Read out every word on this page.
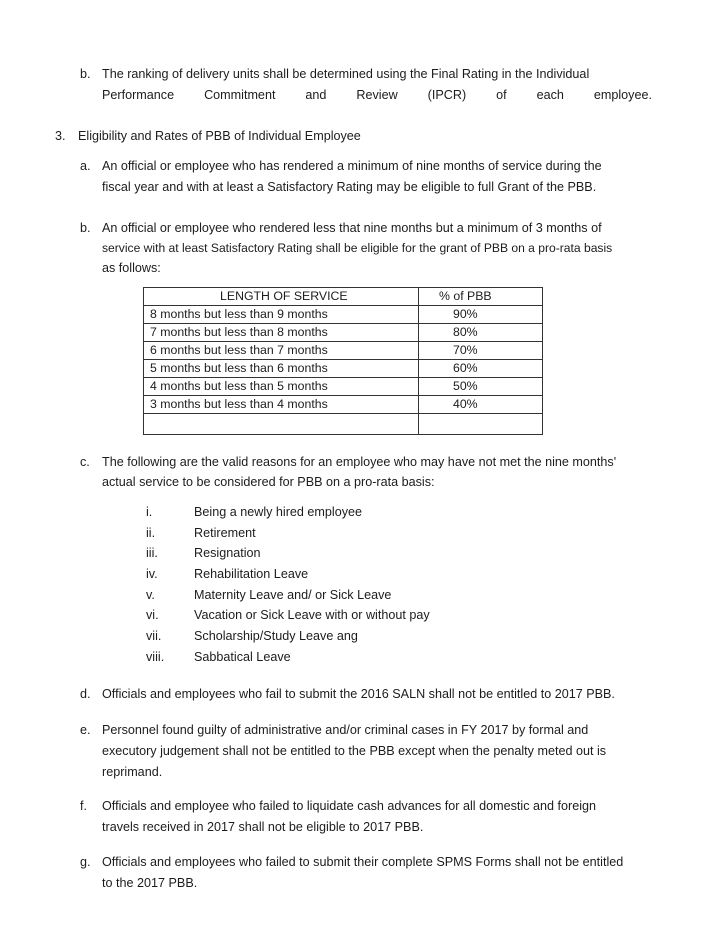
b. The ranking of delivery units shall be determined using the Final Rating in the Individual
Performance Commitment and Review (IPCR) of each employee.
3. Eligibility and Rates of PBB of Individual Employee
a. An official or employee who has rendered a minimum of nine months of service during the
fiscal year and with at least a Satisfactory Rating may be eligible to full Grant of the PBB.
b. An official or employee who rendered less that nine months but a minimum of 3 months of
service with at least Satisfactory Rating shall be eligible for the grant of PBB on a pro-rata basis
as follows:
LENGTH OF SERVICE	% of PBB
8 months but less than 9 months	90%
7 months but less than 8 months	80%
6 months but less than 7 months	70%
5 months but less than 6 months	60%
4 months but less than 5 months	50%
3 months but less than 4 months	40%

c. The following are the valid reasons for an employee who may have not met the nine months'
actual service to be considered for PBB on a pro-rata basis:
i.	Being a newly hired employee
ii.	Retirement
iii.	Resignation
iv.	Rehabilitation Leave
v.	Maternity Leave and/ or Sick Leave
vi.	Vacation or Sick Leave with or without pay
vii.	Scholarship/Study Leave ang
viii.	Sabbatical Leave
d. Officials and employees who fail to submit the 2016 SALN shall not be entitled to 2017 PBB.
e. Personnel found guilty of administrative and/or criminal cases in FY 2017 by formal and
executory judgement shall not be entitled to the PBB except when the penalty meted out is
reprimand.
f. Officials and employee who failed to liquidate cash advances for all domestic and foreign
travels received in 2017 shall not be eligible to 2017 PBB.
g. Officials and employees who failed to submit their complete SPMS Forms shall not be entitled
to the 2017 PBB.
